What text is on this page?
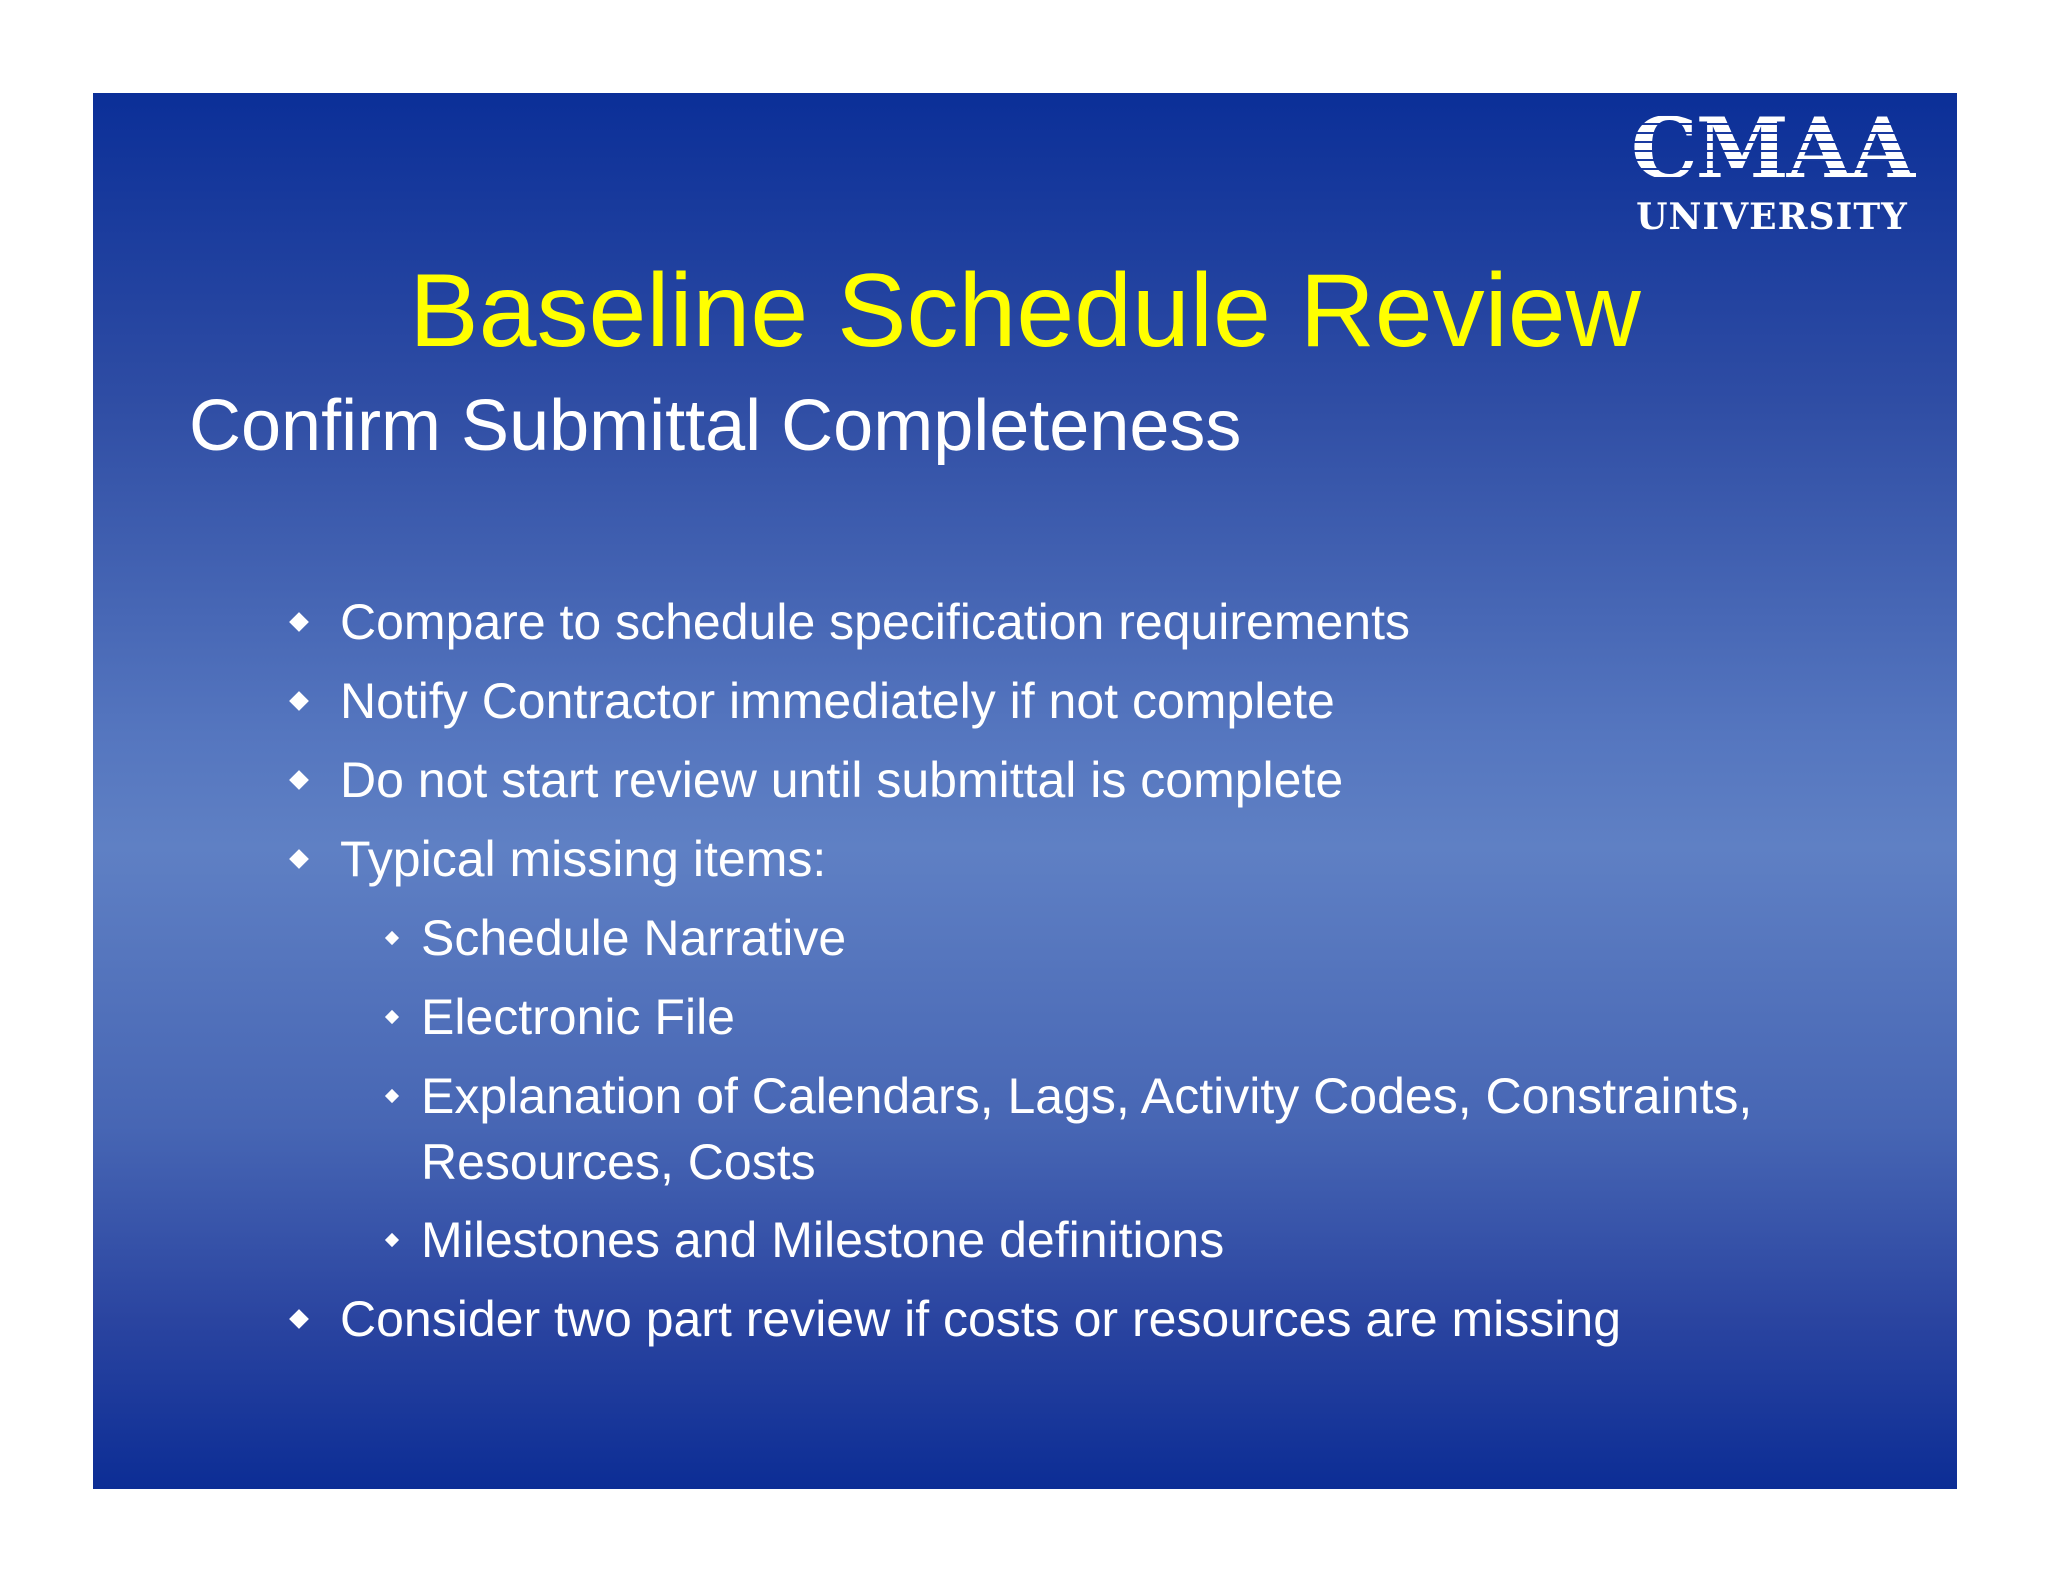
CMAA
UNIVERSITY
Baseline Schedule Review
Confirm Submittal Completeness
Compare to schedule specification requirements
Notify Contractor immediately if not complete
Do not start review until submittal is complete
Typical missing items:
Schedule Narrative
Electronic File
Explanation of Calendars, Lags, Activity Codes, Constraints,
Resources, Costs
Milestones and Milestone definitions
Consider two part review if costs or resources are missing
